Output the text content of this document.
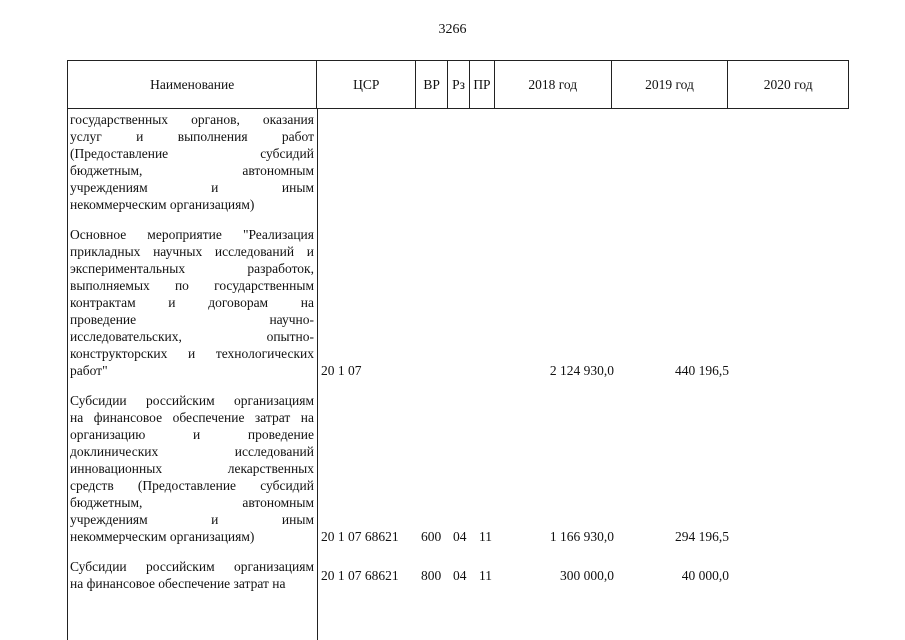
3266
Наименование	ЦСР	ВР Рз ПР	2018 год	2019 год	2020 год
государственных органов, оказания
услуг и выполнения работ
(Предоставление субсидий
бюджетным, автономным
учреждениям и иным
некоммерческим организациям)
Основное мероприятие "Реализация
прикладных научных исследований и
экспериментальных разработок,
выполняемых по государственным
контрактам и договорам на
проведение научно-
исследовательских, опытно-
конструкторских и технологических
работ"	20 1 07	2 124 930,0	440 196,5
Субсидии российским организациям
на финансовое обеспечение затрат на
организацию и проведение
доклинических исследований
инновационных лекарственных
средств (Предоставление субсидий
бюджетным, автономным
учреждениям и иным
некоммерческим организациям)	20 1 07 68621 600 04 11	1 166 930,0	294 196,5
Субсидии российским организациям
на финансовое обеспечение затрат на
20 1 07 68621 800 04 11	300 000,0	40 000,0
